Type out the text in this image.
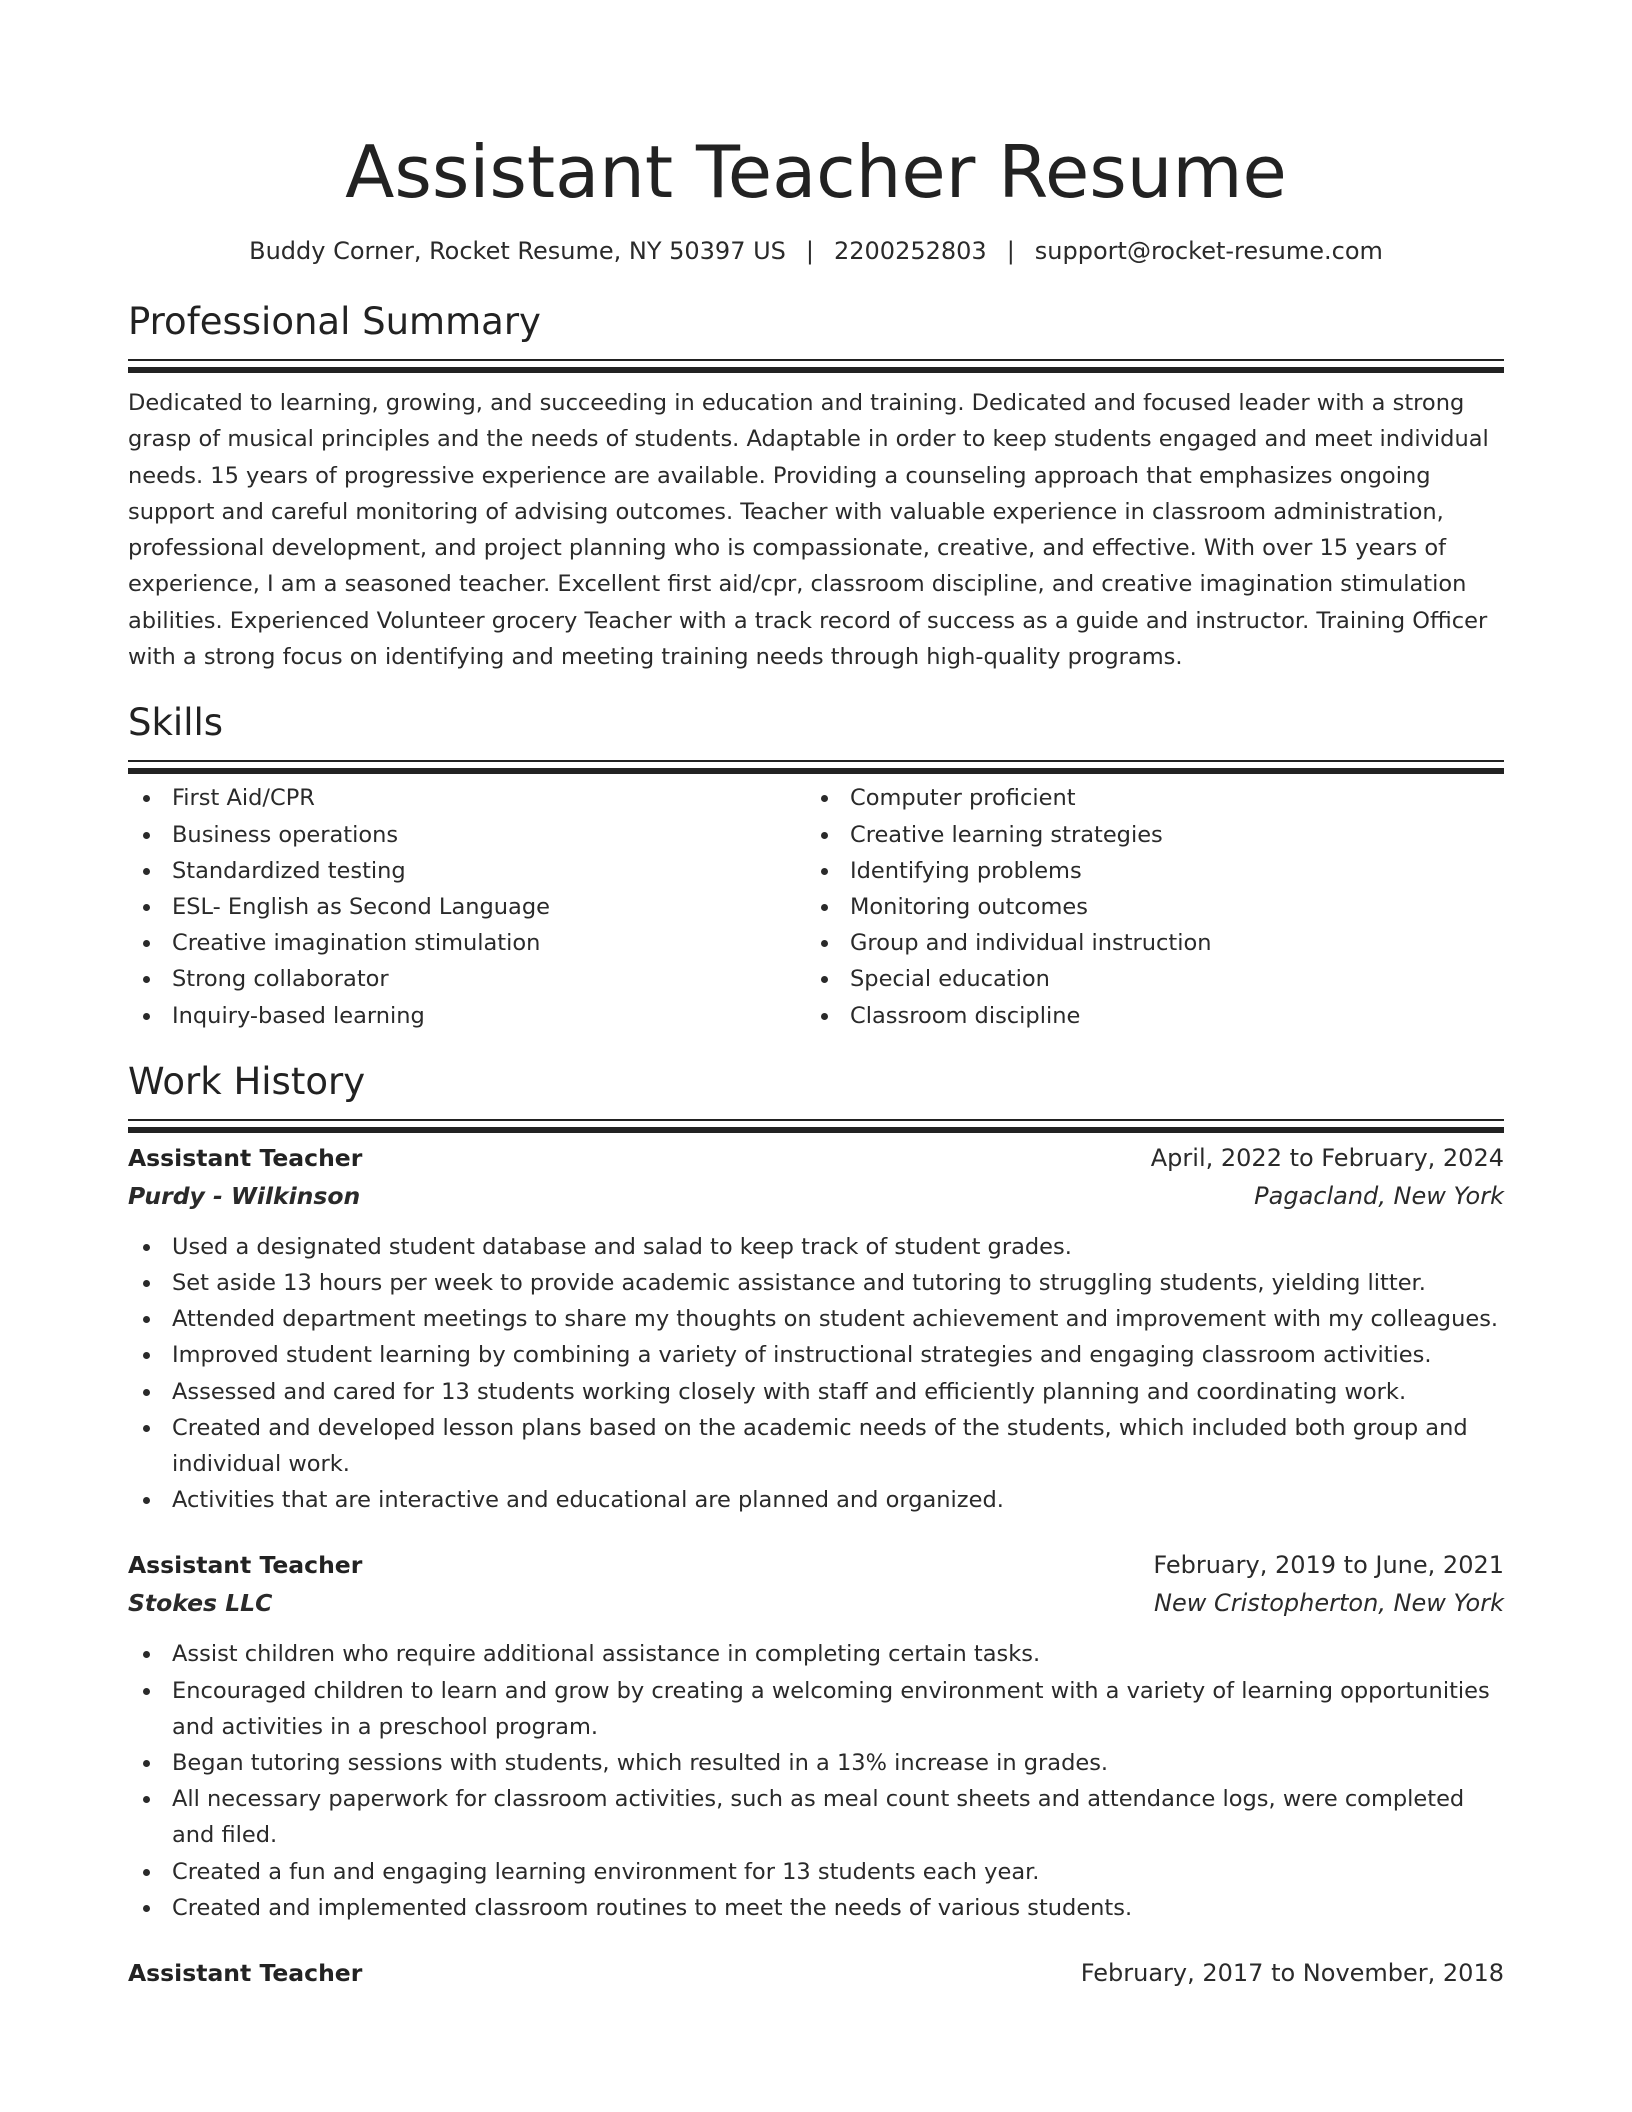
Assistant Teacher Resume
Buddy Corner, Rocket Resume, NY 50397 US | 2200252803 | support@rocket-resume.com
Professional Summary
Dedicated to learning, growing, and succeeding in education and training. Dedicated and focused leader with a strong grasp of musical principles and the needs of students. Adaptable in order to keep students engaged and meet individual needs. 15 years of progressive experience are available. Providing a counseling approach that emphasizes ongoing support and careful monitoring of advising outcomes. Teacher with valuable experience in classroom administration, professional development, and project planning who is compassionate, creative, and effective. With over 15 years of experience, I am a seasoned teacher. Excellent first aid/cpr, classroom discipline, and creative imagination stimulation abilities. Experienced Volunteer grocery Teacher with a track record of success as a guide and instructor. Training Officer with a strong focus on identifying and meeting training needs through high-quality programs.
Skills
First Aid/CPR
Business operations
Standardized testing
ESL- English as Second Language
Creative imagination stimulation
Strong collaborator
Inquiry-based learning
Computer proficient
Creative learning strategies
Identifying problems
Monitoring outcomes
Group and individual instruction
Special education
Classroom discipline
Work History
Assistant Teacher	April, 2022 to February, 2024
Purdy - Wilkinson	Pagacland, New York
Used a designated student database and salad to keep track of student grades.
Set aside 13 hours per week to provide academic assistance and tutoring to struggling students, yielding litter.
Attended department meetings to share my thoughts on student achievement and improvement with my colleagues.
Improved student learning by combining a variety of instructional strategies and engaging classroom activities.
Assessed and cared for 13 students working closely with staff and efficiently planning and coordinating work.
Created and developed lesson plans based on the academic needs of the students, which included both group and individual work.
Activities that are interactive and educational are planned and organized.
Assistant Teacher	February, 2019 to June, 2021
Stokes LLC	New Cristopherton, New York
Assist children who require additional assistance in completing certain tasks.
Encouraged children to learn and grow by creating a welcoming environment with a variety of learning opportunities and activities in a preschool program.
Began tutoring sessions with students, which resulted in a 13% increase in grades.
All necessary paperwork for classroom activities, such as meal count sheets and attendance logs, were completed and filed.
Created a fun and engaging learning environment for 13 students each year.
Created and implemented classroom routines to meet the needs of various students.
Assistant Teacher	February, 2017 to November, 2018
